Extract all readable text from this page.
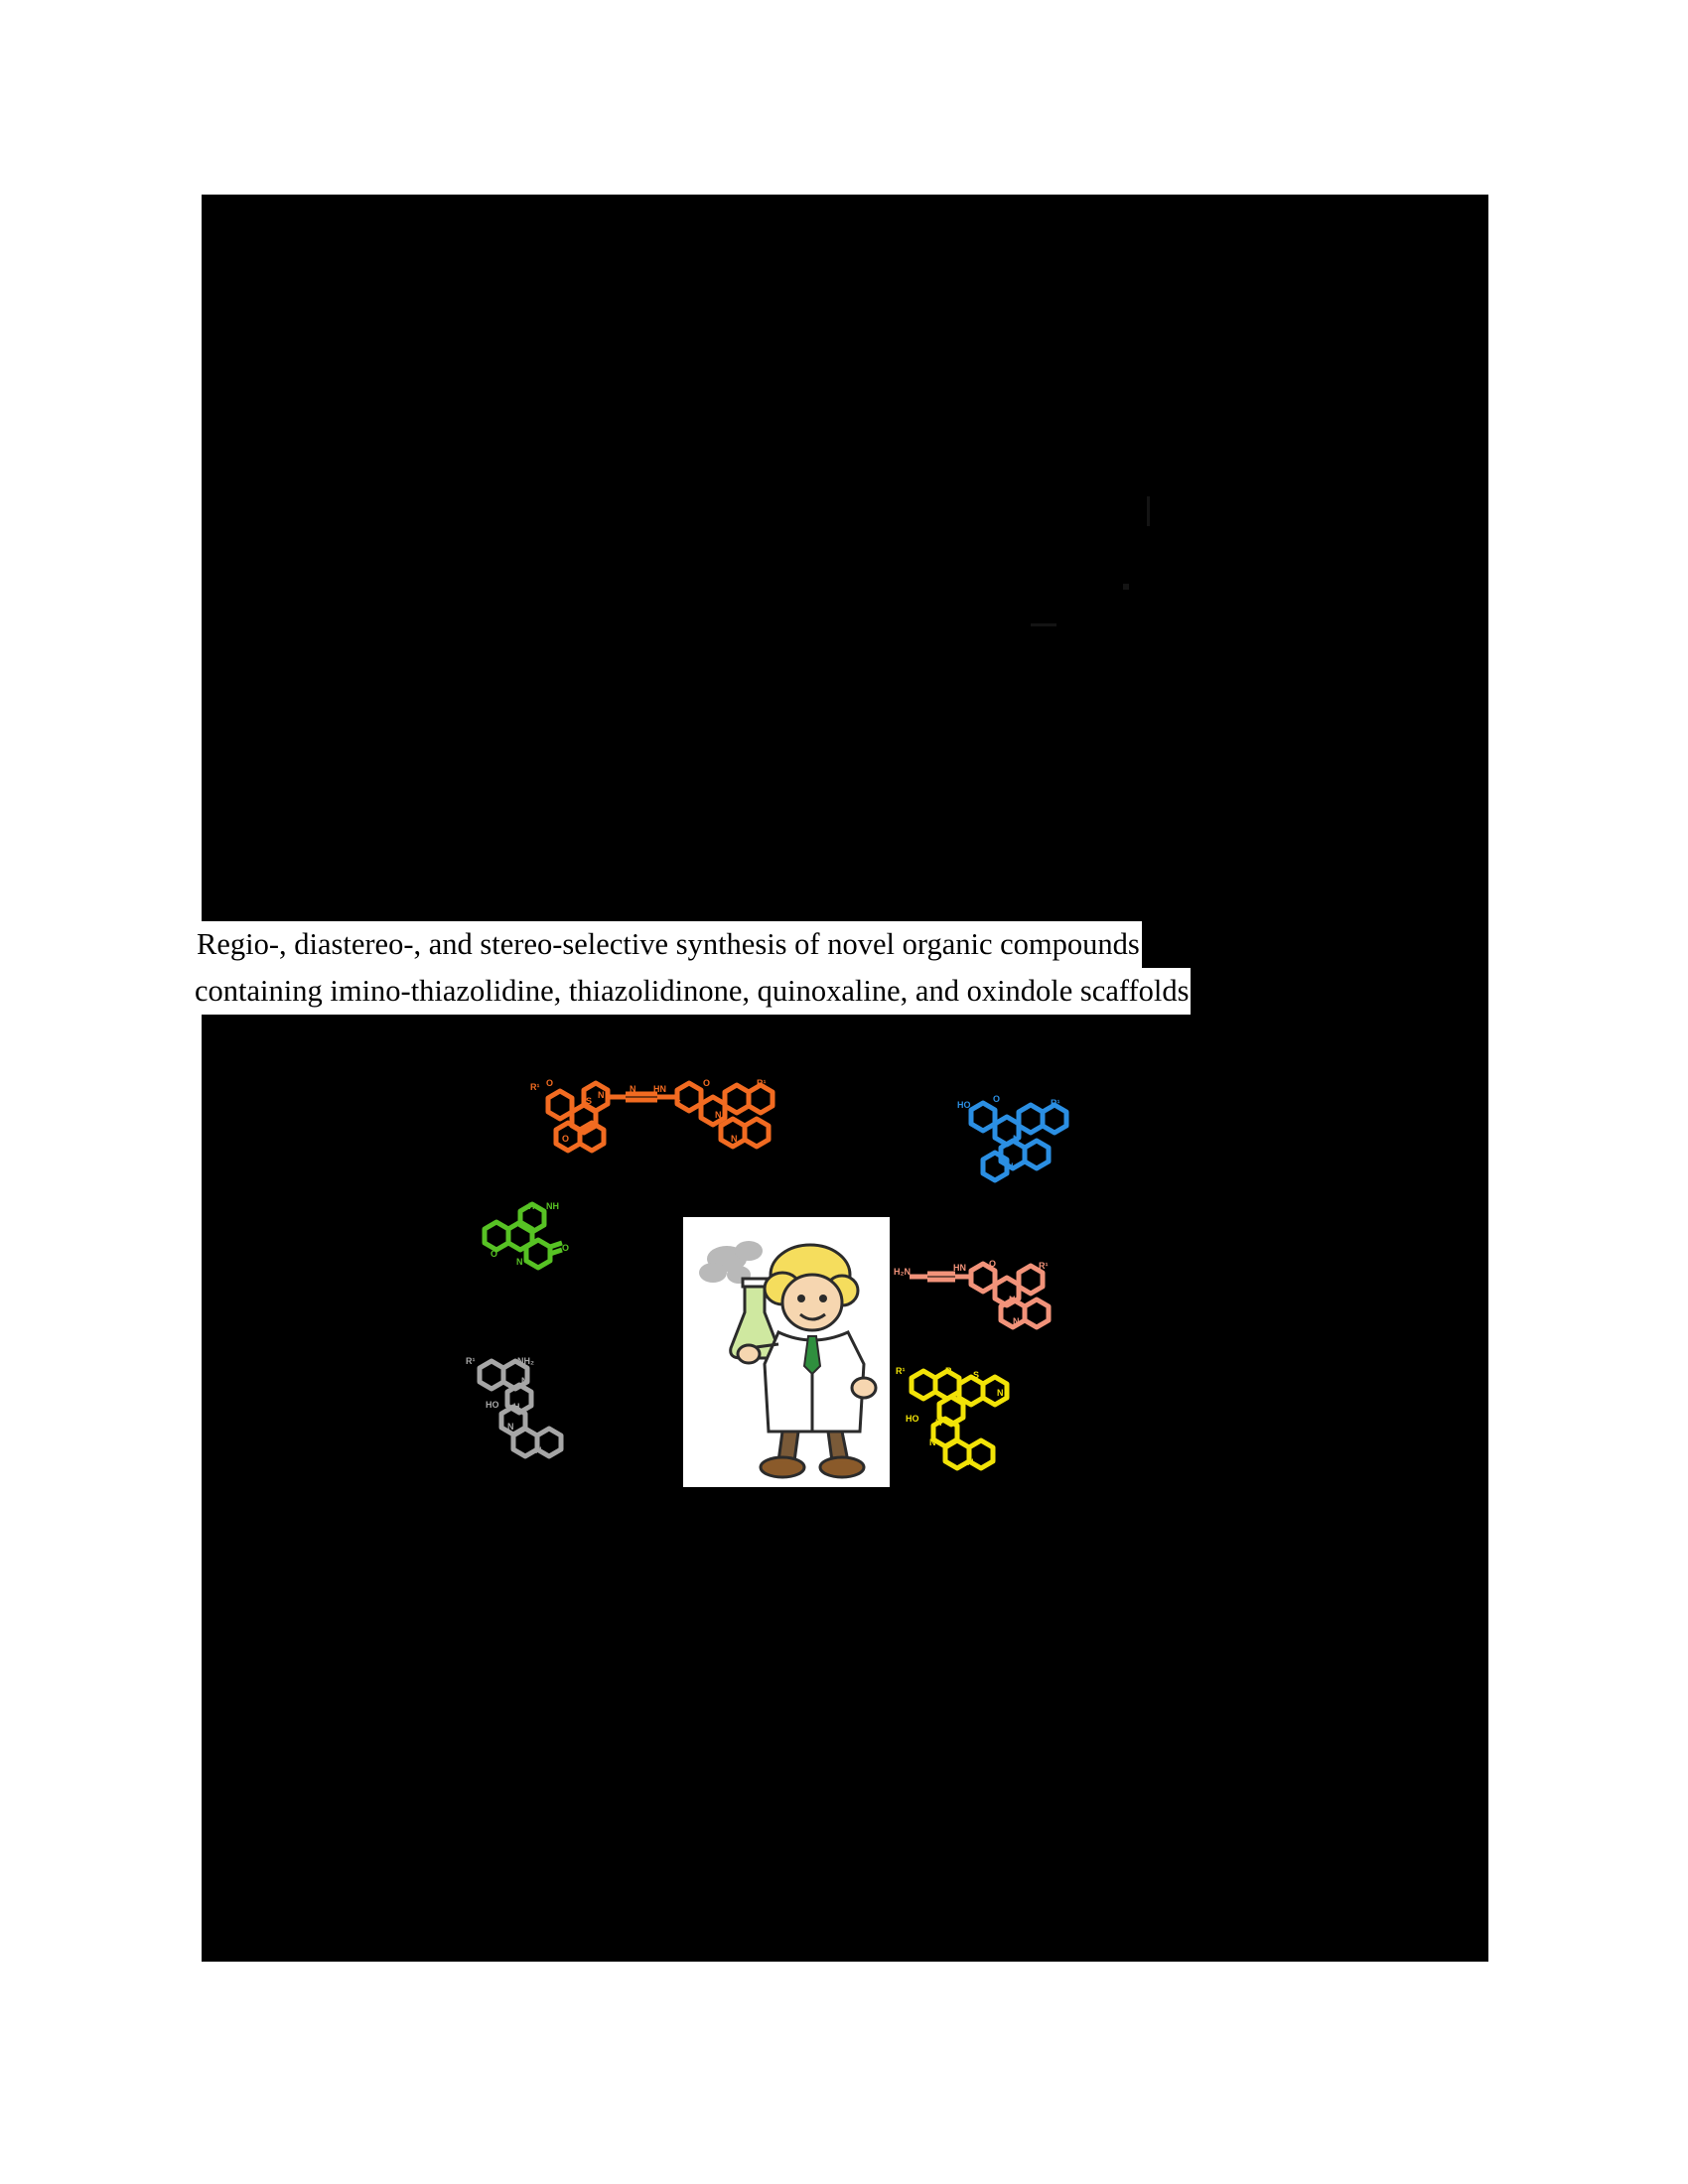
Regio-, diastereo-, and stereo-selective synthesis of novel organic compounds
containing imino-thiazolidine, thiazolidinone, quinoxaline, and oxindole scaffolds
R¹ O
S
N
O
N HN
S
O	R¹
N
N
HO
O	R¹
N
N
H NH
O
O
N
H₂N	HN	O	R¹
N
N
R¹	NH₂
N
HO H
N
N
R¹	R S
HO H
N
N
N
